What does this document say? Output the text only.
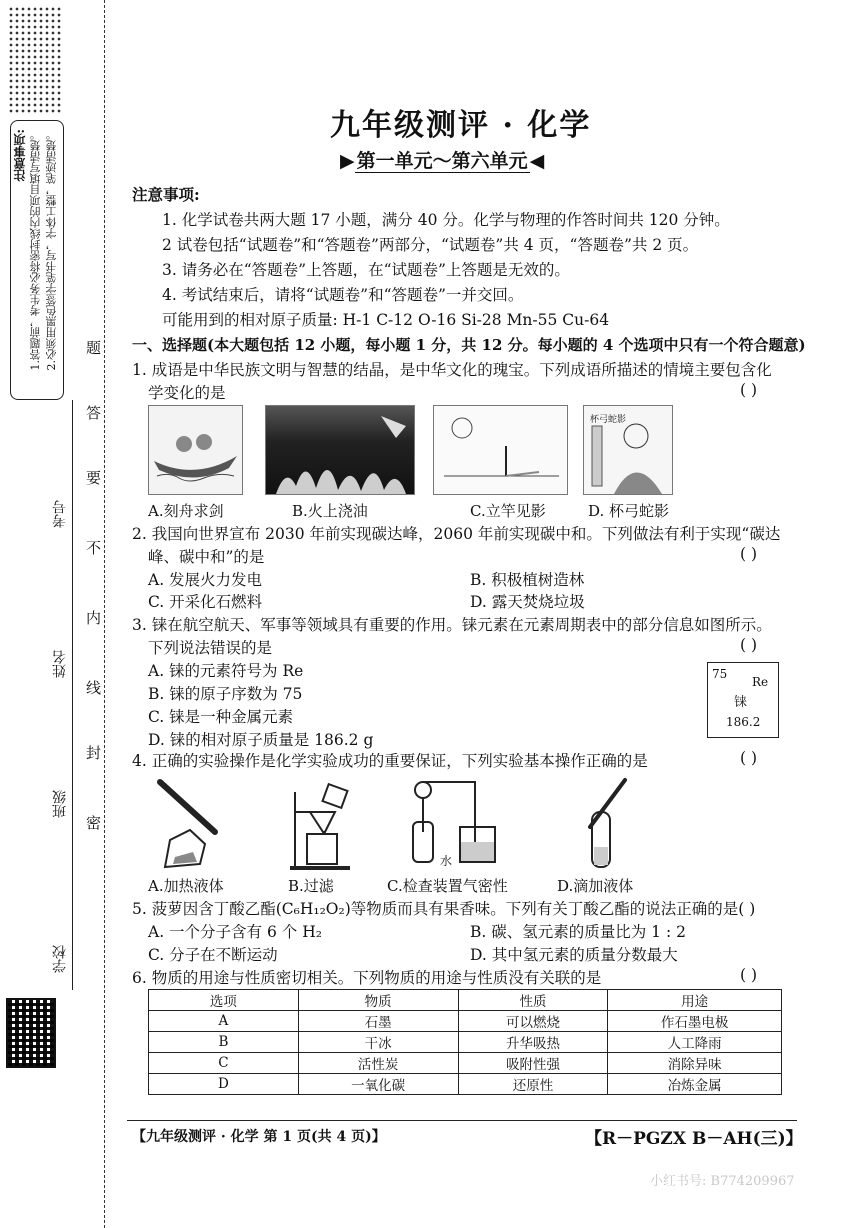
注意事项: 1.答题前，考生务必将密封线内的项目填写清楚。 2.必须用黑色签字笔书写，字体工整，笔迹清楚。
考号
姓名
班级
学校
题
答
要
不
内
线
封
密
九年级测评 · 化学
▶ 第一单元～第六单元 ◀
注意事项:
1. 化学试卷共两大题 17 小题，满分 40 分。化学与物理的作答时间共 120 分钟。
2 试卷包括“试题卷”和“答题卷”两部分，“试题卷”共 4 页，“答题卷”共 2 页。
3. 请务必在“答题卷”上答题，在“试题卷”上答题是无效的。
4. 考试结束后，请将“试题卷”和“答题卷”一并交回。
可能用到的相对原子质量: H-1 C-12 O-16 Si-28 Mn-55 Cu-64
一、选择题(本大题包括 12 小题，每小题 1 分，共 12 分。每小题的 4 个选项中只有一个符合题意)
1. 成语是中华民族文明与智慧的结晶，是中华文化的瑰宝。下列成语所描述的情境主要包含化
学变化的是	( )
杯弓蛇影
A.刻舟求剑	B.火上浇油	C.立竿见影	D. 杯弓蛇影
2. 我国向世界宣布 2030 年前实现碳达峰，2060 年前实现碳中和。下列做法有利于实现“碳达
峰、碳中和”的是	( )
A. 发展火力发电	B. 积极植树造林
C. 开采化石燃料	D. 露天焚烧垃圾
3. 铼在航空航天、军事等领域具有重要的作用。铼元素在元素周期表中的部分信息如图所示。
下列说法错误的是	( )
A. 铼的元素符号为 Re
B. 铼的原子序数为 75
C. 铼是一种金属元素
D. 铼的相对原子质量是 186.2 g
75
Re
铼
186.2
4. 正确的实验操作是化学实验成功的重要保证，下列实验基本操作正确的是	( )
水
A.加热液体	B.过滤	C.检查装置气密性	D.滴加液体
5. 菠萝因含丁酸乙酯(C₆H₁₂O₂)等物质而具有果香味。下列有关丁酸乙酯的说法正确的是( )
A. 一个分子含有 6 个 H₂	B. 碳、氢元素的质量比为 1 : 2
C. 分子在不断运动	D. 其中氢元素的质量分数最大
6. 物质的用途与性质密切相关。下列物质的用途与性质没有关联的是	( )
选项	物质	性质	用途
A	石墨	可以燃烧	作石墨电极
B	干冰	升华吸热	人工降雨
C	活性炭	吸附性强	消除异味
D	一氧化碳	还原性	冶炼金属
【九年级测评 · 化学 第 1 页(共 4 页)】	【R－PGZX B－AH(三)】
小红书号: B774209967
